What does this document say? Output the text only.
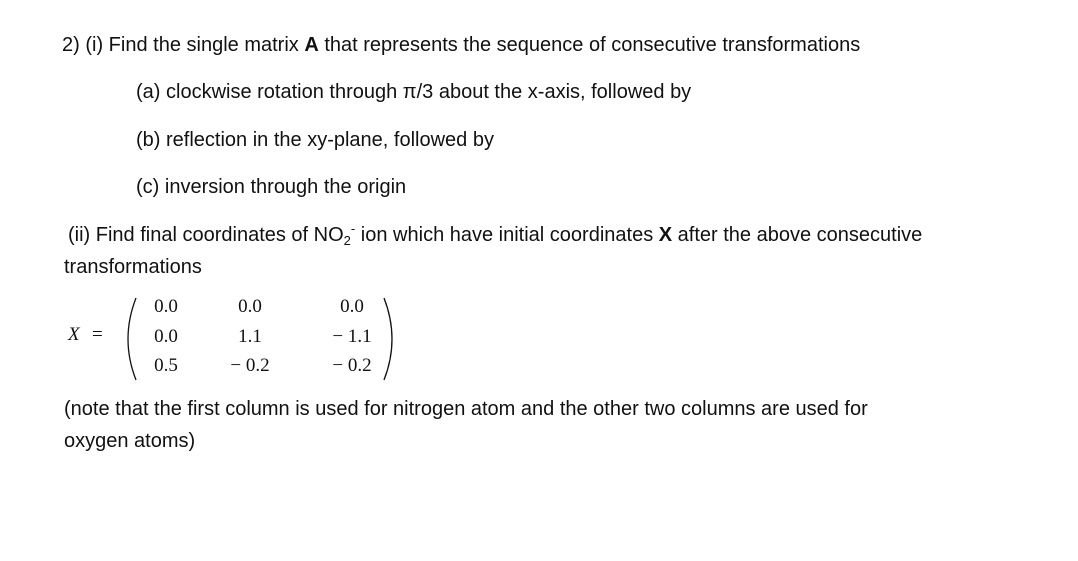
2) (i) Find the single matrix A that represents the sequence of consecutive transformations
(a) clockwise rotation through π/3 about the x-axis, followed by
(b) reflection in the xy-plane, followed by
(c) inversion through the origin
(ii) Find final coordinates of $NO_2^-$ ion which have initial coordinates X after the above consecutive
transformations
X =
0.0	0.0	0.0
0.0	1.1	− 1.1
0.5	− 0.2	− 0.2
(note that the first column is used for nitrogen atom and the other two columns are used for
oxygen atoms)
